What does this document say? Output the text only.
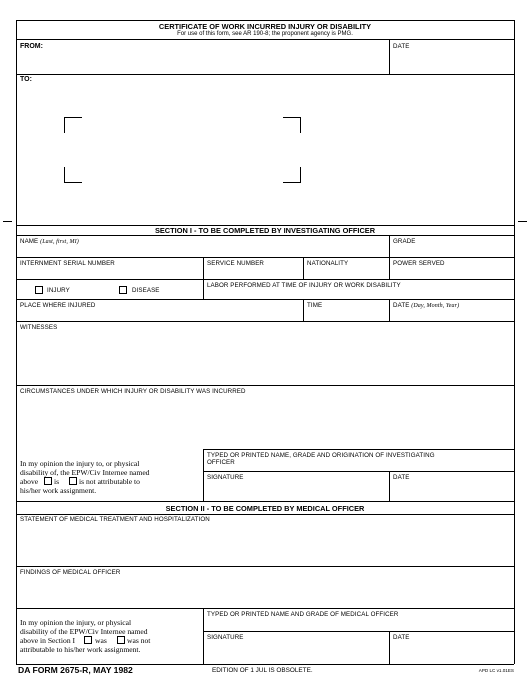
CERTIFICATE OF WORK INCURRED INJURY OR DISABILITY
For use of this form, see AR 190-8; the proponent agency is PMG.
FROM:	DATE
TO:
SECTION I - TO BE COMPLETED BY INVESTIGATING OFFICER
NAME (Last, first, MI)	GRADE
INTERNMENT SERIAL NUMBER	SERVICE NUMBER	NATIONALITY	POWER SERVED
INJURY	DISEASE
LABOR PERFORMED AT TIME OF INJURY OR WORK DISABILITY
PLACE WHERE INJURED	TIME	DATE (Day, Month, Year)
WITNESSES
CIRCUMSTANCES UNDER WHICH INJURY OR DISABILITY WAS INCURRED
In my opinion the injury to, or physical
disability of, the EPW/Civ Internee named
above is	is not attributable to
his/her work assignment.
TYPED OR PRINTED NAME, GRADE AND ORIGINATION OF INVESTIGATING
OFFICER
SIGNATURE	DATE
SECTION II - TO BE COMPLETED BY MEDICAL OFFICER
STATEMENT OF MEDICAL TREATMENT AND HOSPITALIZATION
FINDINGS OF MEDICAL OFFICER
In my opinion the injury, or physical
disability of the EPW/Civ Internee named
above in Section I	was	was not
attributable to his/her work assignment.
TYPED OR PRINTED NAME AND GRADE OF MEDICAL OFFICER
SIGNATURE	DATE
DA FORM 2675-R, MAY 1982	EDITION OF 1 JUL IS OBSOLETE.	APD LC v1.01ES
